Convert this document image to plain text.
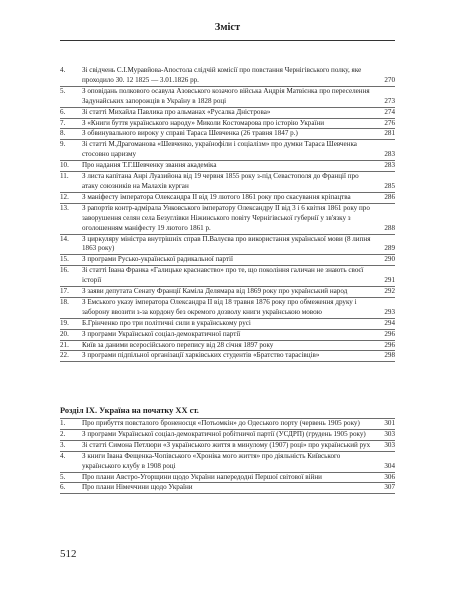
Зміст
4.	Зі свідчень С.І.Муравйова-Апостола слідчій комісії про повстання Чернігівського полку, яке проходило 30. 12 1825 — 3.01.1826 рр.	270
5.	З оповідань полкового осавула Азовського козачого війська Андрія Матвієнка про переселення Задунайських запорожців в Україну в 1828 році	273
6.	Зі статті Михайла Павлика про альманах «Русалка Дністрова»	274
7.	З «Книги буття українського народу» Миколи Костомарова про історію України	276
8.	З обвинувального вироку у справі Тараса Шевченка (26 травня 1847 р.)	281
9.	Зі статті М.Драгоманова «Шевченко, українофіли і соціалізм» про думки Тараса Шевченка стосовно царизму	283
10.	Про надання Т.Г.Шевченку звання академіка	283
11.	З листа капітана Анрі Луазийона від 19 червня 1855 року з-під Севастополя до Франції про атаку союзників на Малахів курган	285
12.	З маніфесту імператора Олександра II від 19 лютого 1861 року про скасування кріпацтва	286
13.	З рапортів контр-адмірала Унковського імператору Олександру II від 3 і 6 квітня 1861 року про заворушення селян села Безуглівки Ніжинського повіту Чернігівської губернії у зв'язку з оголошенням маніфесту 19 лютого 1861 р.	288
14.	З циркуляру міністра внутрішніх справ П.Валуєва про використання української мови (8 липня 1863 року)	289
15.	З програми Русько-української радикальної партії	290
16.	Зі статті Івана Франка «Галицьке краснавство» про те, що покоління галичан не знають своєї історії	291
17.	З заяви депутата Сенату Франції Каміла Делямара від 1869 року про український народ	292
18.	З Емського указу імператора Олександра II від 18 травня 1876 року про обмеження друку і заборону ввозити з-за кордону без окремого дозволу книги українською мовою	293
19.	Б.Грінченко про три політичні сили в українському русі	294
20.	З програми Української соціал-демократичної партії	296
21.	Київ за даними всеросійського перепису від 28 січня 1897 року	296
22.	З програми підпільної організації харківських студентів «Братство тарасівців»	298
Розділ IX. Україна на початку XX ст.
1.	Про прибуття повсталого броненосця «Потьомкін» до Одеського порту (червень 1905 року)	301
2.	З програми Української соціал-демократичної робітничої партії (УСДРП) (грудень 1905 року)	303
3.	Зі статті Симона Петлюри «З українського життя в минулому (1907) році» про український рух 303
4.	З книги Івана Фещенка-Чопівського «Хроніка мого життя» про діяльність Київського українського клубу в 1908 році	304
5.	Про плани Австро-Угорщини щодо України напередодні Першої світової війни	306
6.	Про плани Німеччини щодо України	307
512
